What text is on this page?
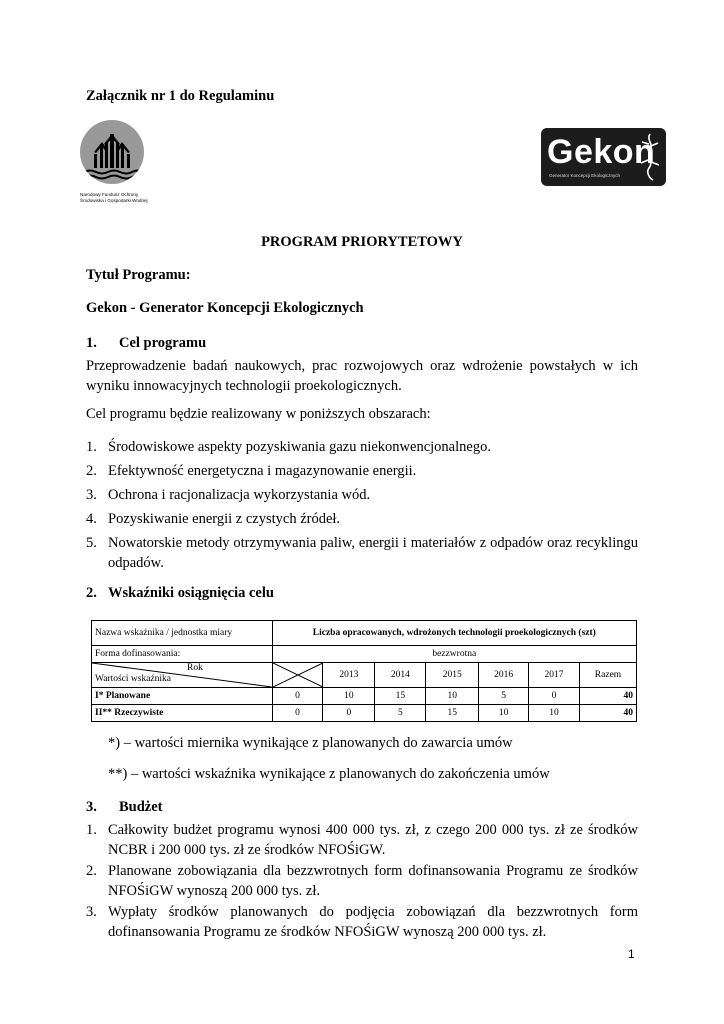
Załącznik nr 1 do Regulaminu
Narodowy Fundusz Ochrony
Środowiska i Gospodarki Wodnej
Gekon
Generator Koncepcji Ekologicznych
PROGRAM PRIORYTETOWY
Tytuł Programu:
Gekon - Generator Koncepcji Ekologicznych
1. Cel programu
Przeprowadzenie badań naukowych, prac rozwojowych oraz wdrożenie powstałych w ich wyniku innowacyjnych technologii proekologicznych.
Cel programu będzie realizowany w poniższych obszarach:
1. Środowiskowe aspekty pozyskiwania gazu niekonwencjonalnego.
2. Efektywność energetyczna i magazynowanie energii.
3. Ochrona i racjonalizacja wykorzystania wód.
4. Pozyskiwanie energii z czystych źródeł.
5. Nowatorskie metody otrzymywania paliw, energii i materiałów z odpadów oraz recyklingu odpadów.
2. Wskaźniki osiągnięcia celu
Nazwa wskaźnika / jednostka miary	Liczba opracowanych, wdrożonych technologii proekologicznych (szt)						
Forma dofinasowania:	bezzwrotna						

Rok
Wartości wskaźnika		2013	2014	2015	2016	2017	Razem
I* Planowane	0	10	15	10	5	0	40
II** Rzeczywiste	0	0	5	15	10	10	40
*) – wartości miernika wynikające z planowanych do zawarcia umów
**) – wartości wskaźnika wynikające z planowanych do zakończenia umów
3. Budżet
1. Całkowity budżet programu wynosi 400 000 tys. zł, z czego 200 000 tys. zł ze środków NCBR i 200 000 tys. zł ze środków NFOŚiGW.
2. Planowane zobowiązania dla bezzwrotnych form dofinansowania Programu ze środków NFOŚiGW wynoszą 200 000 tys. zł.
3. Wypłaty środków planowanych do podjęcia zobowiązań dla bezzwrotnych form dofinansowania Programu ze środków NFOŚiGW wynoszą 200 000 tys. zł.
1
